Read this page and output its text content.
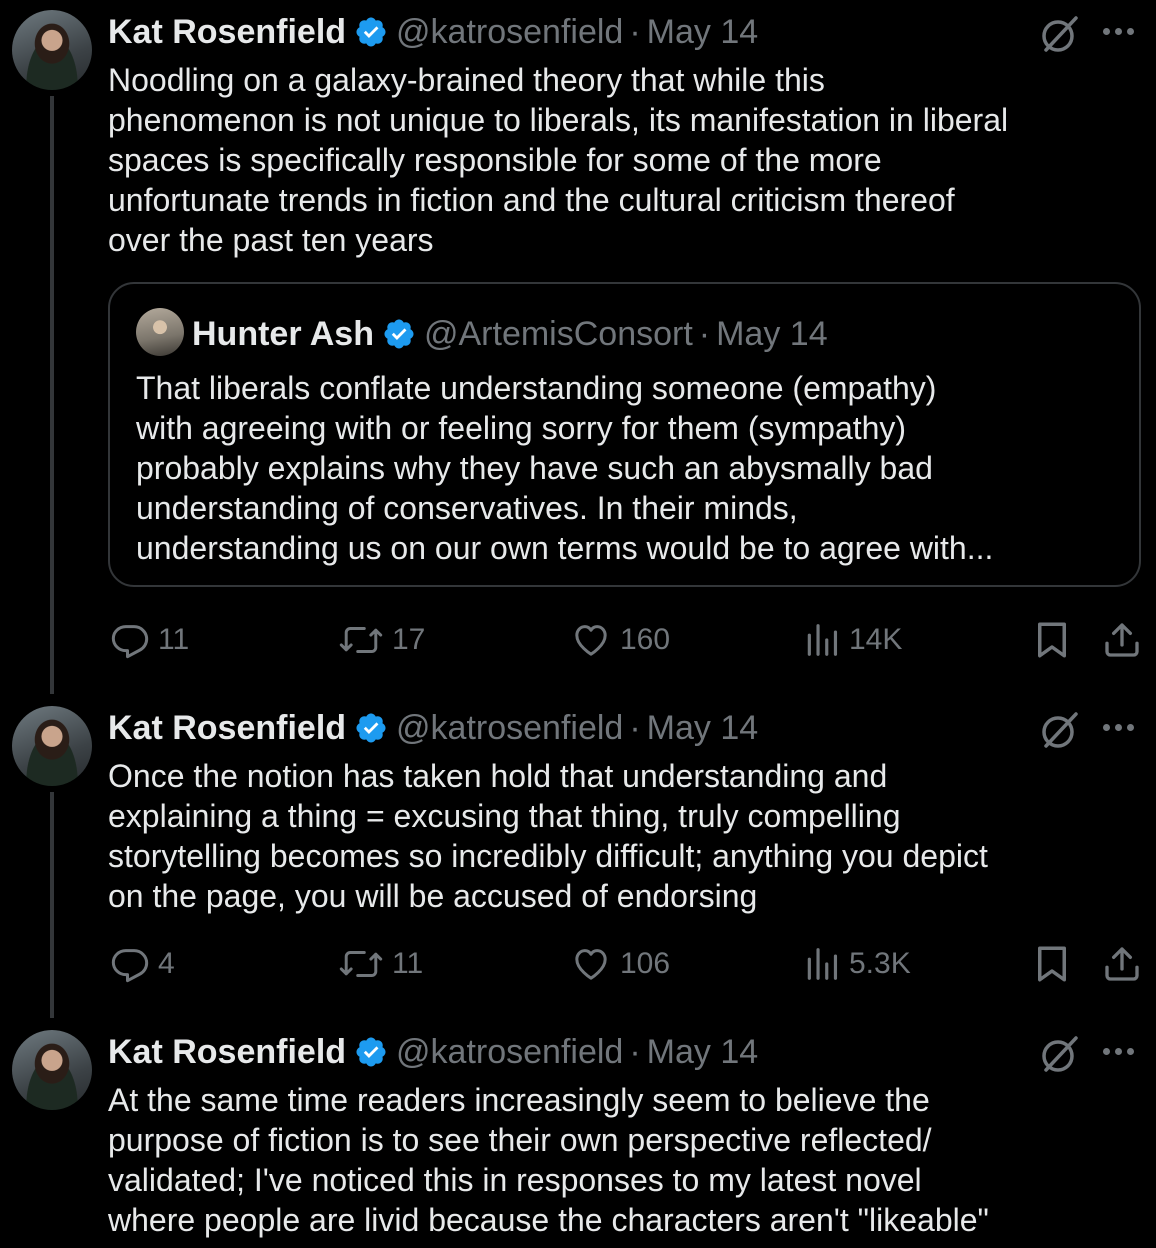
Kat Rosenfield @katrosenfield · May 14
Noodling on a galaxy-brained theory that while this
phenomenon is not unique to liberals, its manifestation in liberal
spaces is specifically responsible for some of the more
unfortunate trends in fiction and the cultural criticism thereof
over the past ten years
Hunter Ash @ArtemisConsort · May 14
That liberals conflate understanding someone (empathy)
with agreeing with or feeling sorry for them (sympathy)
probably explains why they have such an abysmally bad
understanding of conservatives. In their minds,
understanding us on our own terms would be to agree with...
11	17	160	14K
Kat Rosenfield @katrosenfield · May 14
Once the notion has taken hold that understanding and
explaining a thing = excusing that thing, truly compelling
storytelling becomes so incredibly difficult; anything you depict
on the page, you will be accused of endorsing
4	11	106	5.3K
Kat Rosenfield @katrosenfield · May 14
At the same time readers increasingly seem to believe the
purpose of fiction is to see their own perspective reflected/
validated; I've noticed this in responses to my latest novel
where people are livid because the characters aren't "likeable"
